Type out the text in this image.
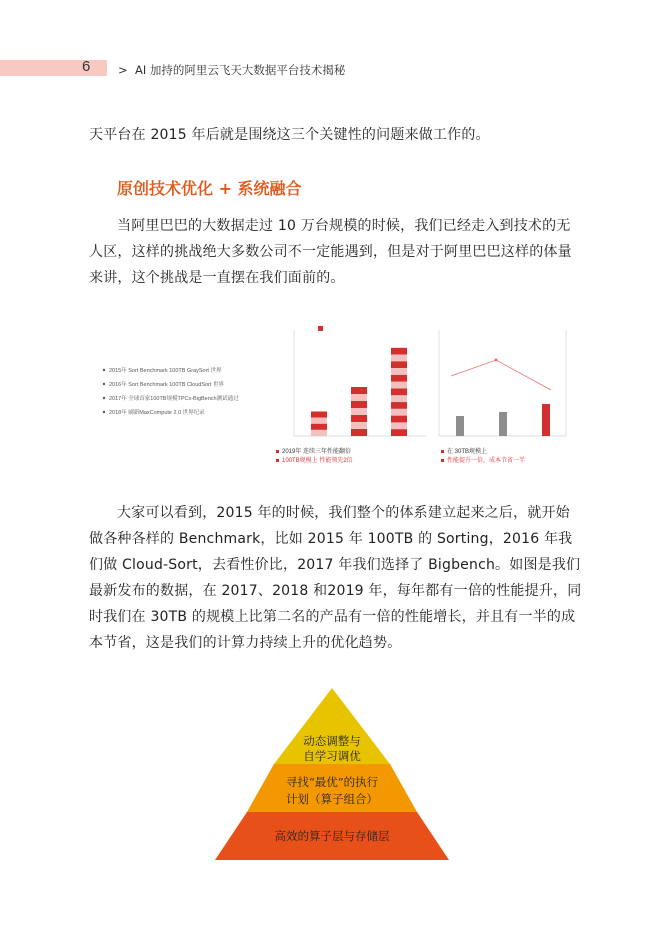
6 > AI 加持的阿里云飞天大数据平台技术揭秘

天平台在 2015 年后就是围绕这三个关键性的问题来做工作的。

原创技术优化 + 系统融合

当阿里巴巴的大数据走过 10 万台规模的时候，我们已经走入到技术的无人区，这样的挑战绝大多数公司不一定能遇到，但是对于阿里巴巴这样的体量来讲，这个挑战是一直摆在我们面前的。

2015年 Sort Benchmark 100TB GraySort 世界
2016年 Sort Benchmark 100TB CloudSort 世界
2017年 全球首家100TB规模TPCx-BigBench测试通过
2018年 刷新MaxCompute 2.0 世界纪录
2019年 连续三年性能翻倍
100TB规模上 性能领先2倍
在 30TB规模上
性能提升一倍，成本节省一半

大家可以看到，2015 年的时候，我们整个的体系建立起来之后，就开始做各种各样的 Benchmark，比如 2015 年 100TB 的 Sorting，2016 年我们做 Cloud-Sort，去看性价比，2017 年我们选择了 Bigbench。如图是我们最新发布的数据，在 2017、2018 和2019 年，每年都有一倍的性能提升，同时我们在 30TB 的规模上比第二名的产品有一倍的性能增长，并且有一半的成本节省，这是我们的计算力持续上升的优化趋势。

动态调整与
自学习调优
寻找“最优”的执行
计划（算子组合）
高效的算子层与存储层
